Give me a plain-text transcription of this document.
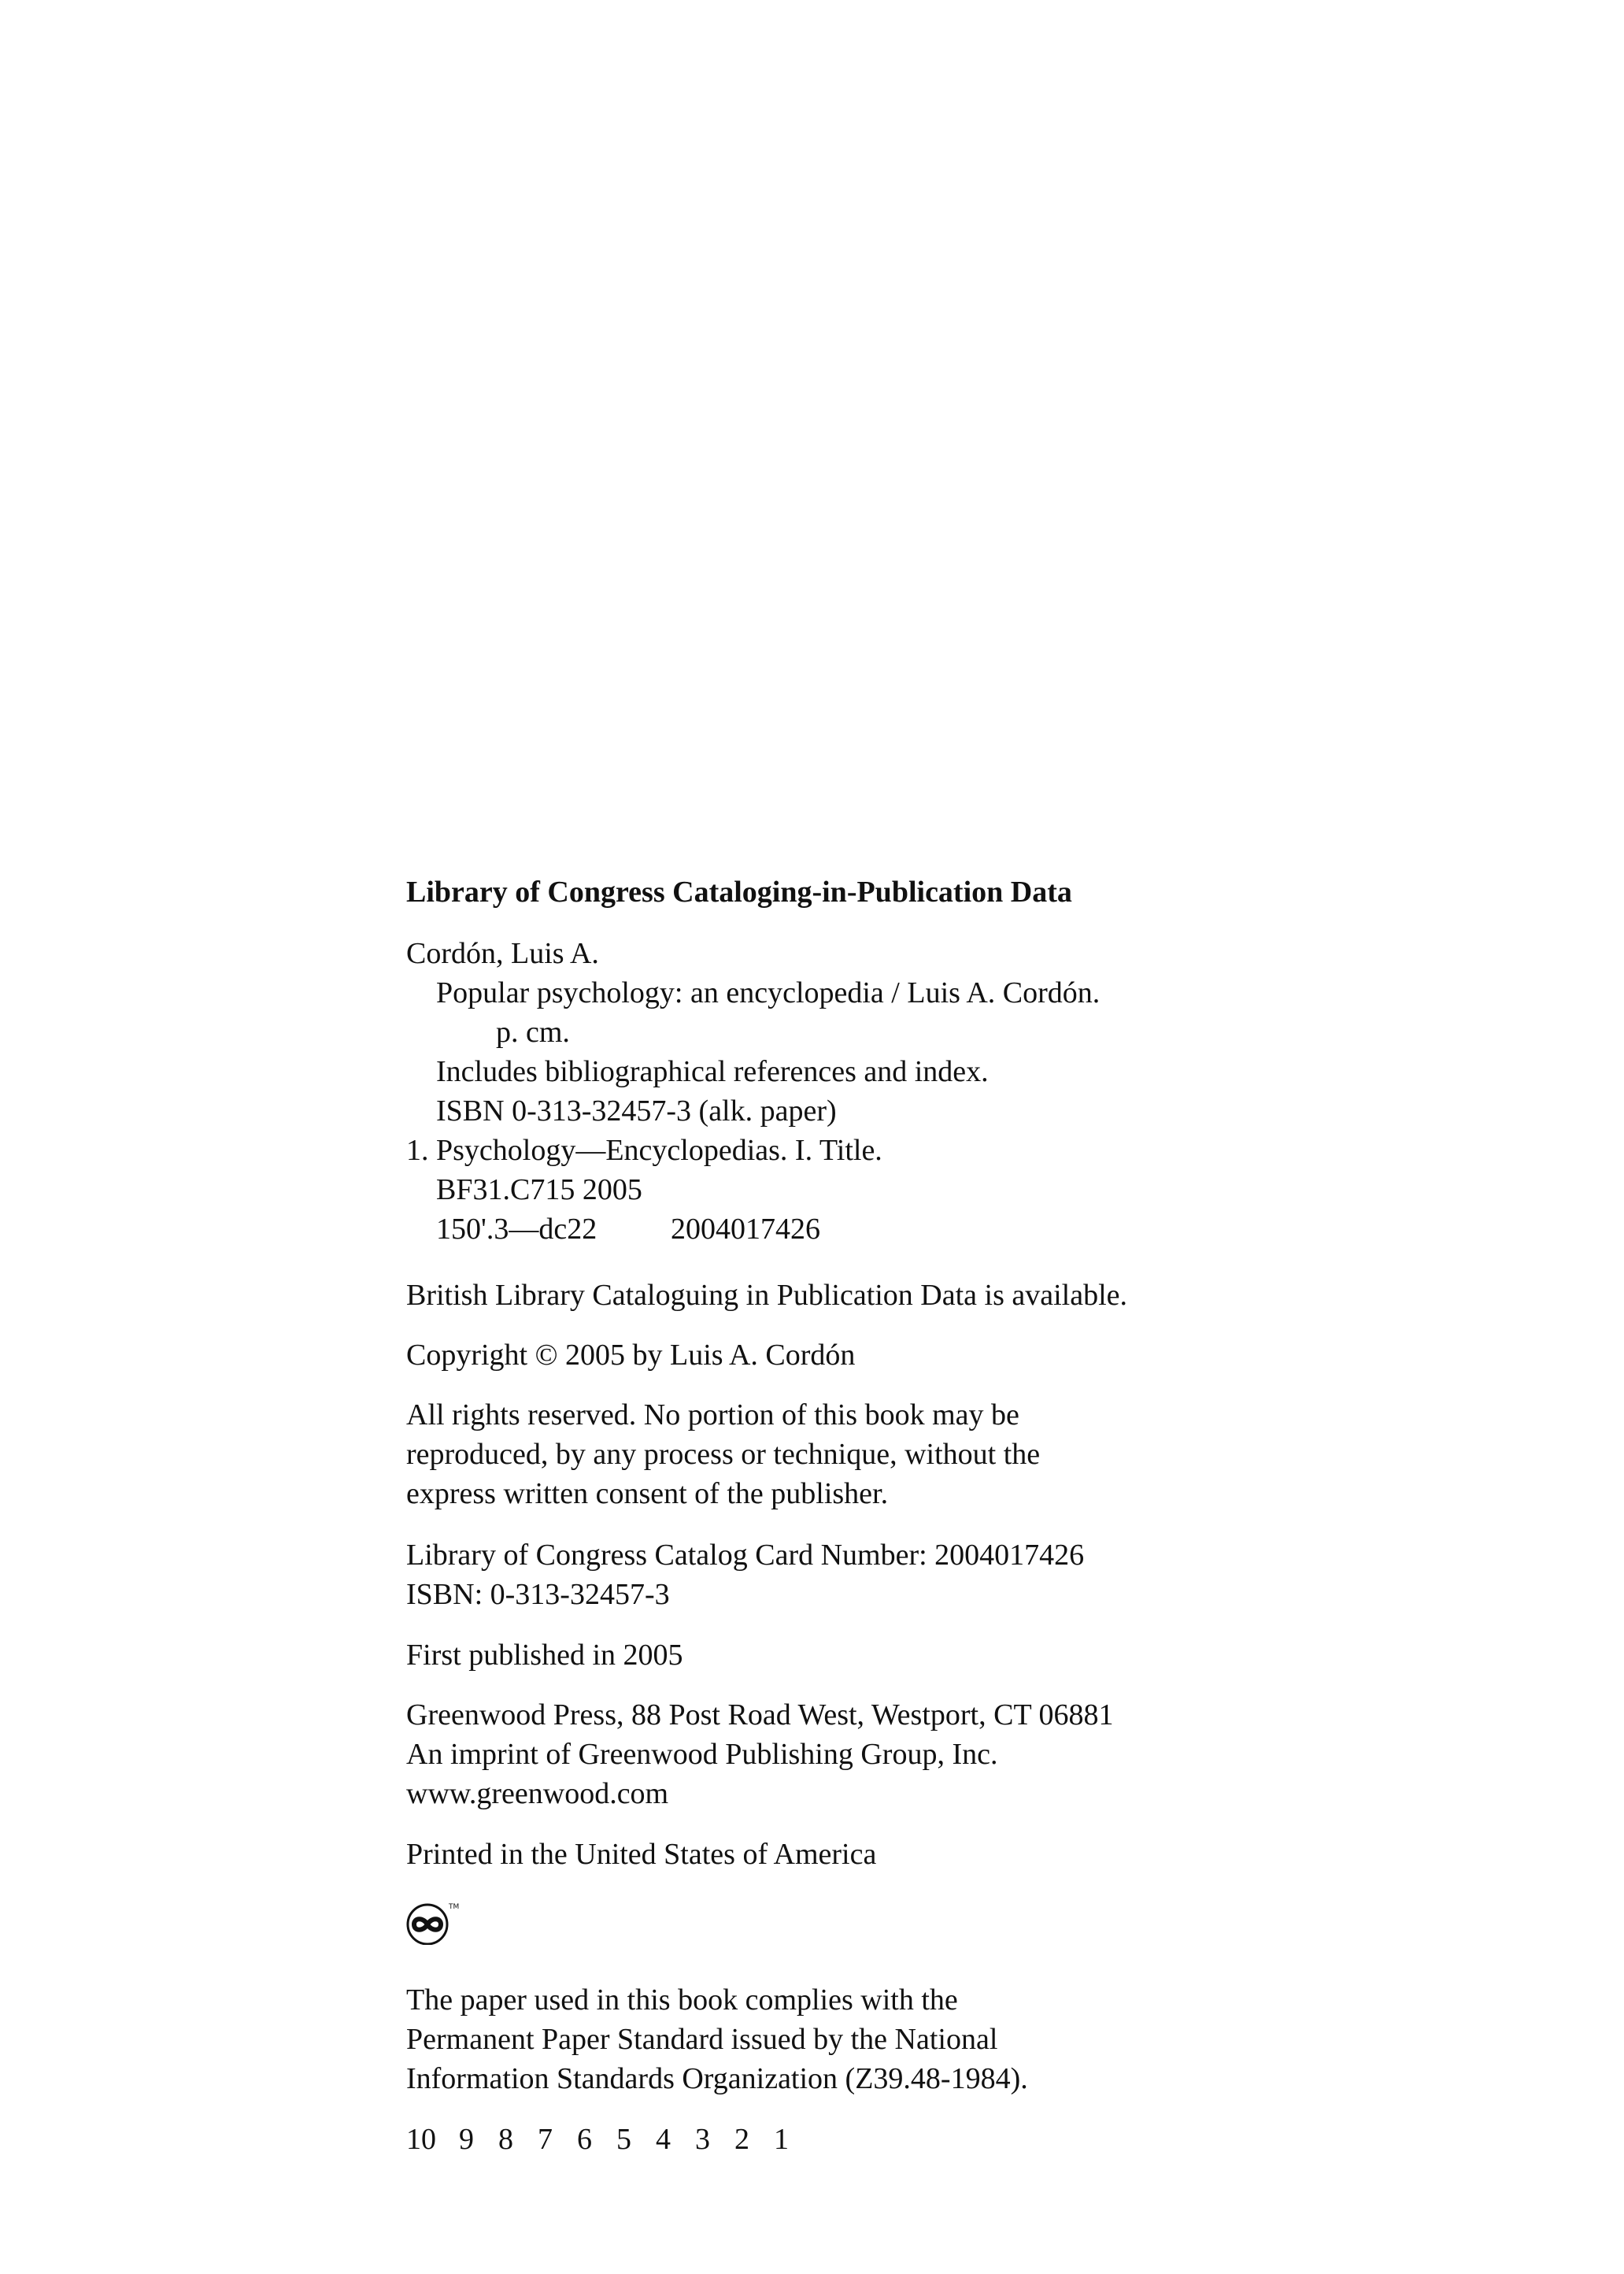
Library of Congress Cataloging-in-Publication Data
Cordón, Luis A.
Popular psychology: an encyclopedia / Luis A. Cordón.
p. cm.
Includes bibliographical references and index.
ISBN 0-313-32457-3 (alk. paper)
1. Psychology—Encyclopedias. I. Title.
BF31.C715 2005
150'.3—dc22 2004017426
British Library Cataloguing in Publication Data is available.
Copyright © 2005 by Luis A. Cordón
All rights reserved. No portion of this book may be
reproduced, by any process or technique, without the
express written consent of the publisher.
Library of Congress Catalog Card Number: 2004017426
ISBN: 0-313-32457-3
First published in 2005
Greenwood Press, 88 Post Road West, Westport, CT 06881
An imprint of Greenwood Publishing Group, Inc.
www.greenwood.com
Printed in the United States of America
TM
The paper used in this book complies with the
Permanent Paper Standard issued by the National
Information Standards Organization (Z39.48-1984).
10 9 8 7 6 5 4 3 2 1
